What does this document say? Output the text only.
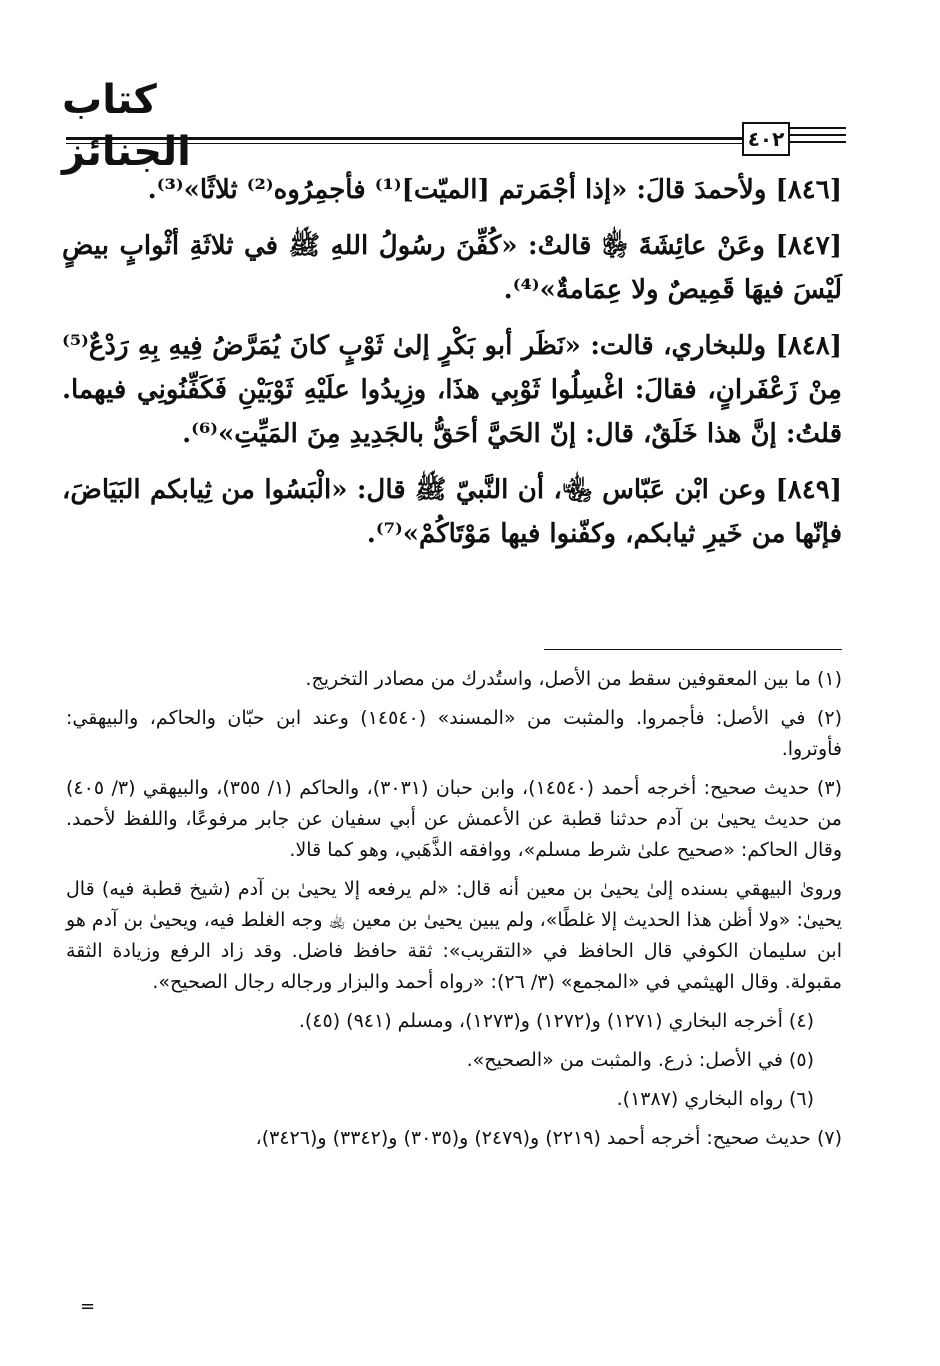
كتاب الجنائز	٤٠٢

[٨٤٦] ولأحمدَ قالَ: «إذا أجْمَرتم [الميّت]⁽¹⁾ فأجمِرُوه⁽²⁾ ثلاثًا»⁽³⁾.

[٨٤٧] وعَنْ عائِشَةَ ﵂ قالتْ: «كُفِّنَ رسُولُ اللهِ ﷺ في ثلاثَةِ أثْوابٍ بيضٍ لَيْسَ فيهَا قَمِيصٌ ولا عِمَامةٌ»⁽⁴⁾.

[٨٤٨] وللبخاري، قالت: «نَظَر أبو بَكْرٍ إلىٰ ثَوْبٍ كانَ يُمَرَّضُ فِيهِ بِهِ رَدْعٌ⁽⁵⁾ مِنْ زَعْفَرانٍ، فقالَ: اغْسِلُوا ثَوْبِي هذَا، وزِيدُوا علَيْهِ ثَوْبَيْنِ فَكَفِّنُونِي فيهما. قلتُ: إنَّ هذا خَلَقٌ، قال: إنّ الحَيَّ أحَقُّ بالجَدِيدِ مِنَ المَيِّتِ»⁽⁶⁾.

[٨٤٩] وعن ابْن عَبّاس ﵄، أن النَّبيّ ﷺ قال: «الْبَسُوا من ثِيابكم البَيَاضَ، فإنّها من خَيرِ ثيابكم، وكفّنوا فيها مَوْتَاكُمْ»⁽⁷⁾.

(١) ما بين المعقوفين سقط من الأصل، واستُدرك من مصادر التخريج.

(٢) في الأصل: فأجمروا. والمثبت من «المسند» (١٤٥٤٠) وعند ابن حبّان والحاكم، والبيهقي: فأوتروا.

(٣) حديث صحيح: أخرجه أحمد (١٤٥٤٠)، وابن حبان (٣٠٣١)، والحاكم (١/ ٣٥٥)، والبيهقي (٣/ ٤٠٥) من حديث يحيىٰ بن آدم حدثنا قطبة عن الأعمش عن أبي سفيان عن جابر مرفوعًا، واللفظ لأحمد. وقال الحاكم: «صحيح علىٰ شرط مسلم»، ووافقه الذَّهَبي، وهو كما قالا.

وروىٰ البيهقي بسنده إلىٰ يحيىٰ بن معين أنه قال: «لم يرفعه إلا يحيىٰ بن آدم (شيخ قطبة فيه) قال يحيىٰ: «ولا أظن هذا الحديث إلا غلطًا»، ولم يبين يحيىٰ بن معين ﵀ وجه الغلط فيه، ويحيىٰ بن آدم هو ابن سليمان الكوفي قال الحافظ في «التقريب»: ثقة حافظ فاضل. وقد زاد الرفع وزيادة الثقة مقبولة. وقال الهيثمي في «المجمع» (٣/ ٢٦): «رواه أحمد والبزار ورجاله رجال الصحيح».

(٤) أخرجه البخاري (١٢٧١) و(١٢٧٢) و(١٢٧٣)، ومسلم (٩٤١) (٤٥).

(٥) في الأصل: ذرع. والمثبت من «الصحيح».

(٦) رواه البخاري (١٣٨٧).

(٧) حديث صحيح: أخرجه أحمد (٢٢١٩) و(٢٤٧٩) و(٣٠٣٥) و(٣٣٤٢) و(٣٤٢٦)،

=
